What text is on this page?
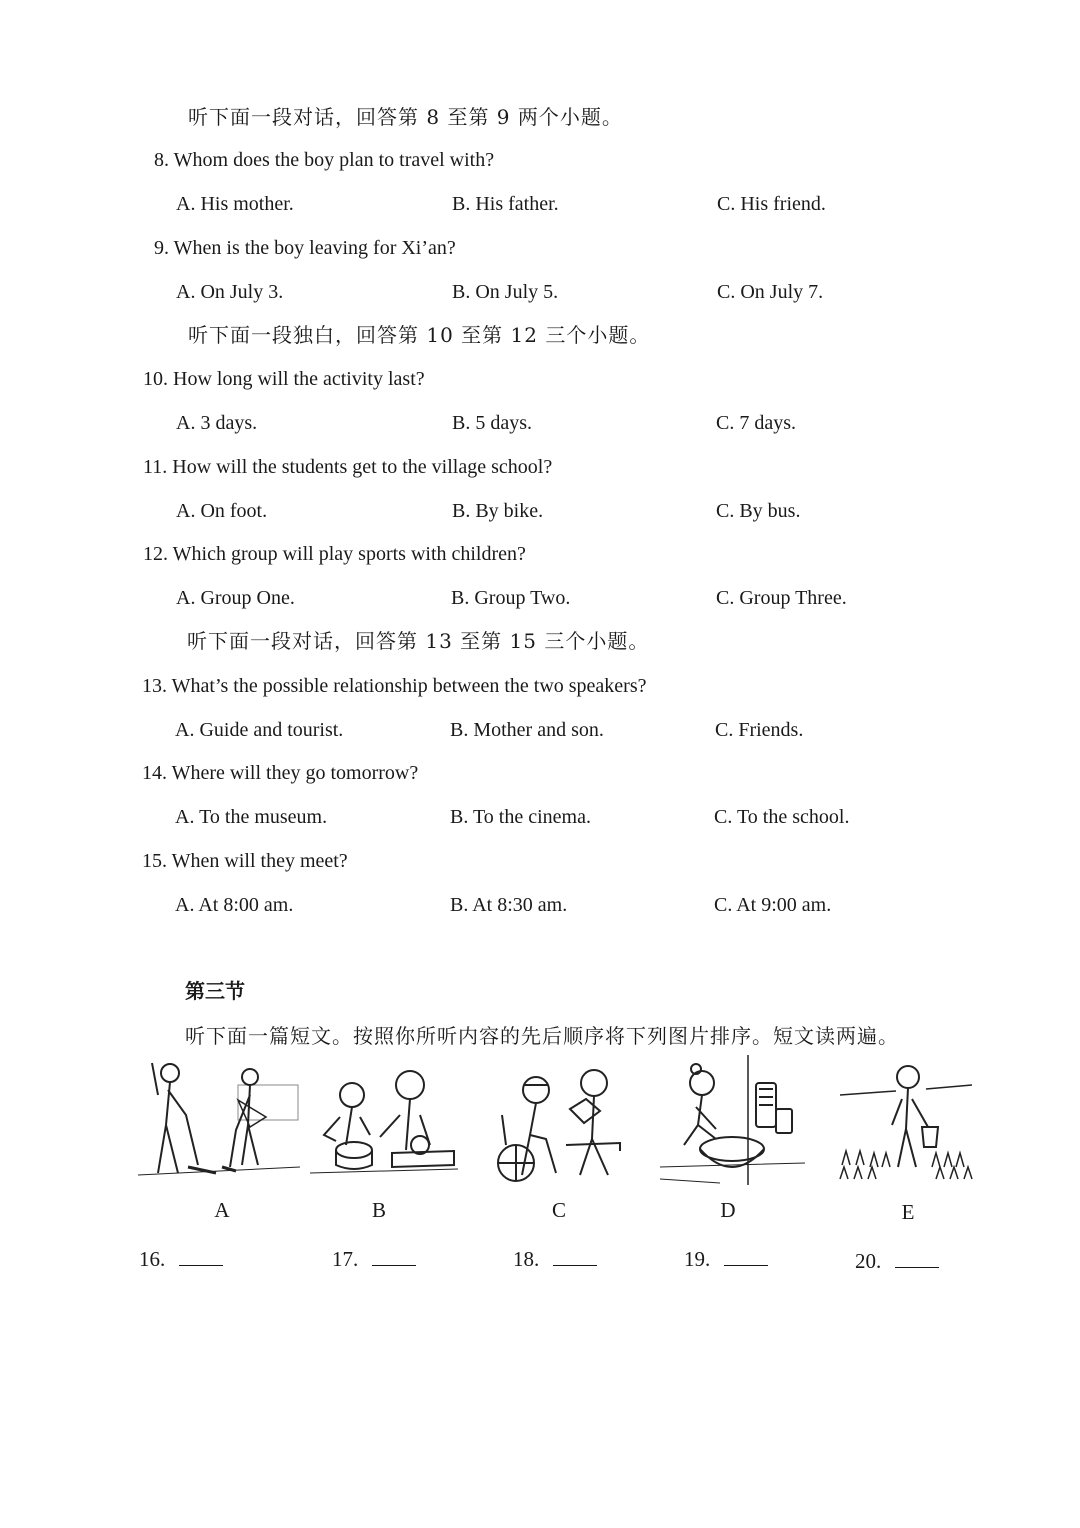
听下面一段对话，回答第 8 至第 9 两个小题。
8. Whom does the boy plan to travel with?
A. His mother.	B. His father.	C. His friend.
9. When is the boy leaving for Xi’an?
A. On July 3.	B. On July 5.	C. On July 7.
听下面一段独白，回答第 10 至第 12 三个小题。
10. How long will the activity last?
A. 3 days.	B. 5 days.	C. 7 days.
11. How will the students get to the village school?
A. On foot.	B. By bike.	C. By bus.
12. Which group will play sports with children?
A. Group One.	B. Group Two.	C. Group Three.
听下面一段对话，回答第 13 至第 15 三个小题。
13. What’s the possible relationship between the two speakers?
A. Guide and tourist.	B. Mother and son.	C. Friends.
14. Where will they go tomorrow?
A. To the museum.	B. To the cinema.	C. To the school.
15. When will they meet?
A. At 8:00 am.	B. At 8:30 am.	C. At 9:00 am.
第三节
听下面一篇短文。按照你所听内容的先后顺序将下列图片排序。短文读两遍。
A	B	C	D	E
16.	17.	18.	19.	20.
